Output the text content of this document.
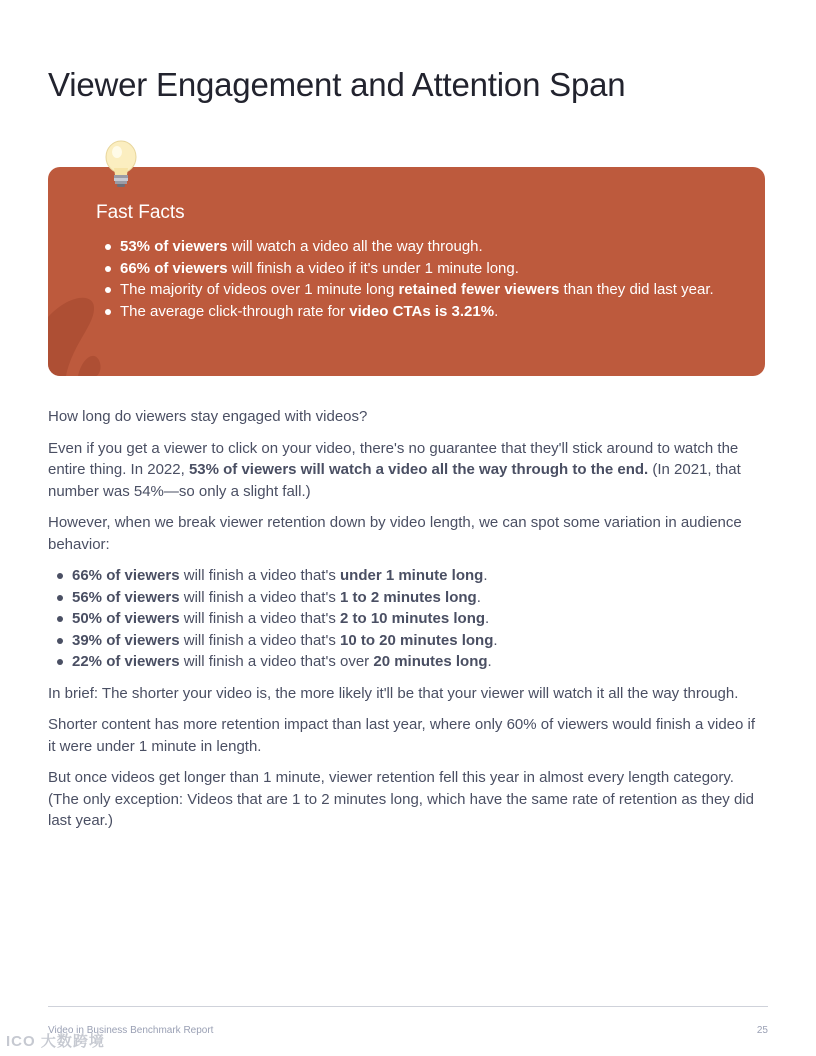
Viewer Engagement and Attention Span
Fast Facts
53% of viewers will watch a video all the way through.
66% of viewers will finish a video if it's under 1 minute long.
The majority of videos over 1 minute long retained fewer viewers than they did last year.
The average click-through rate for video CTAs is 3.21%.

How long do viewers stay engaged with videos?

Even if you get a viewer to click on your video, there's no guarantee that they'll stick around to watch the entire thing. In 2022, 53% of viewers will watch a video all the way through to the end. (In 2021, that number was 54%—so only a slight fall.)

However, when we break viewer retention down by video length, we can spot some variation in audience behavior:

66% of viewers will finish a video that's under 1 minute long.
56% of viewers will finish a video that's 1 to 2 minutes long.
50% of viewers will finish a video that's 2 to 10 minutes long.
39% of viewers will finish a video that's 10 to 20 minutes long.
22% of viewers will finish a video that's over 20 minutes long.

In brief: The shorter your video is, the more likely it'll be that your viewer will watch it all the way through.

Shorter content has more retention impact than last year, where only 60% of viewers would finish a video if it were under 1 minute in length.

But once videos get longer than 1 minute, viewer retention fell this year in almost every length category. (The only exception: Videos that are 1 to 2 minutes long, which have the same rate of retention as they did last year.)

Video in Business Benchmark Report	25
ICO 大数跨境
